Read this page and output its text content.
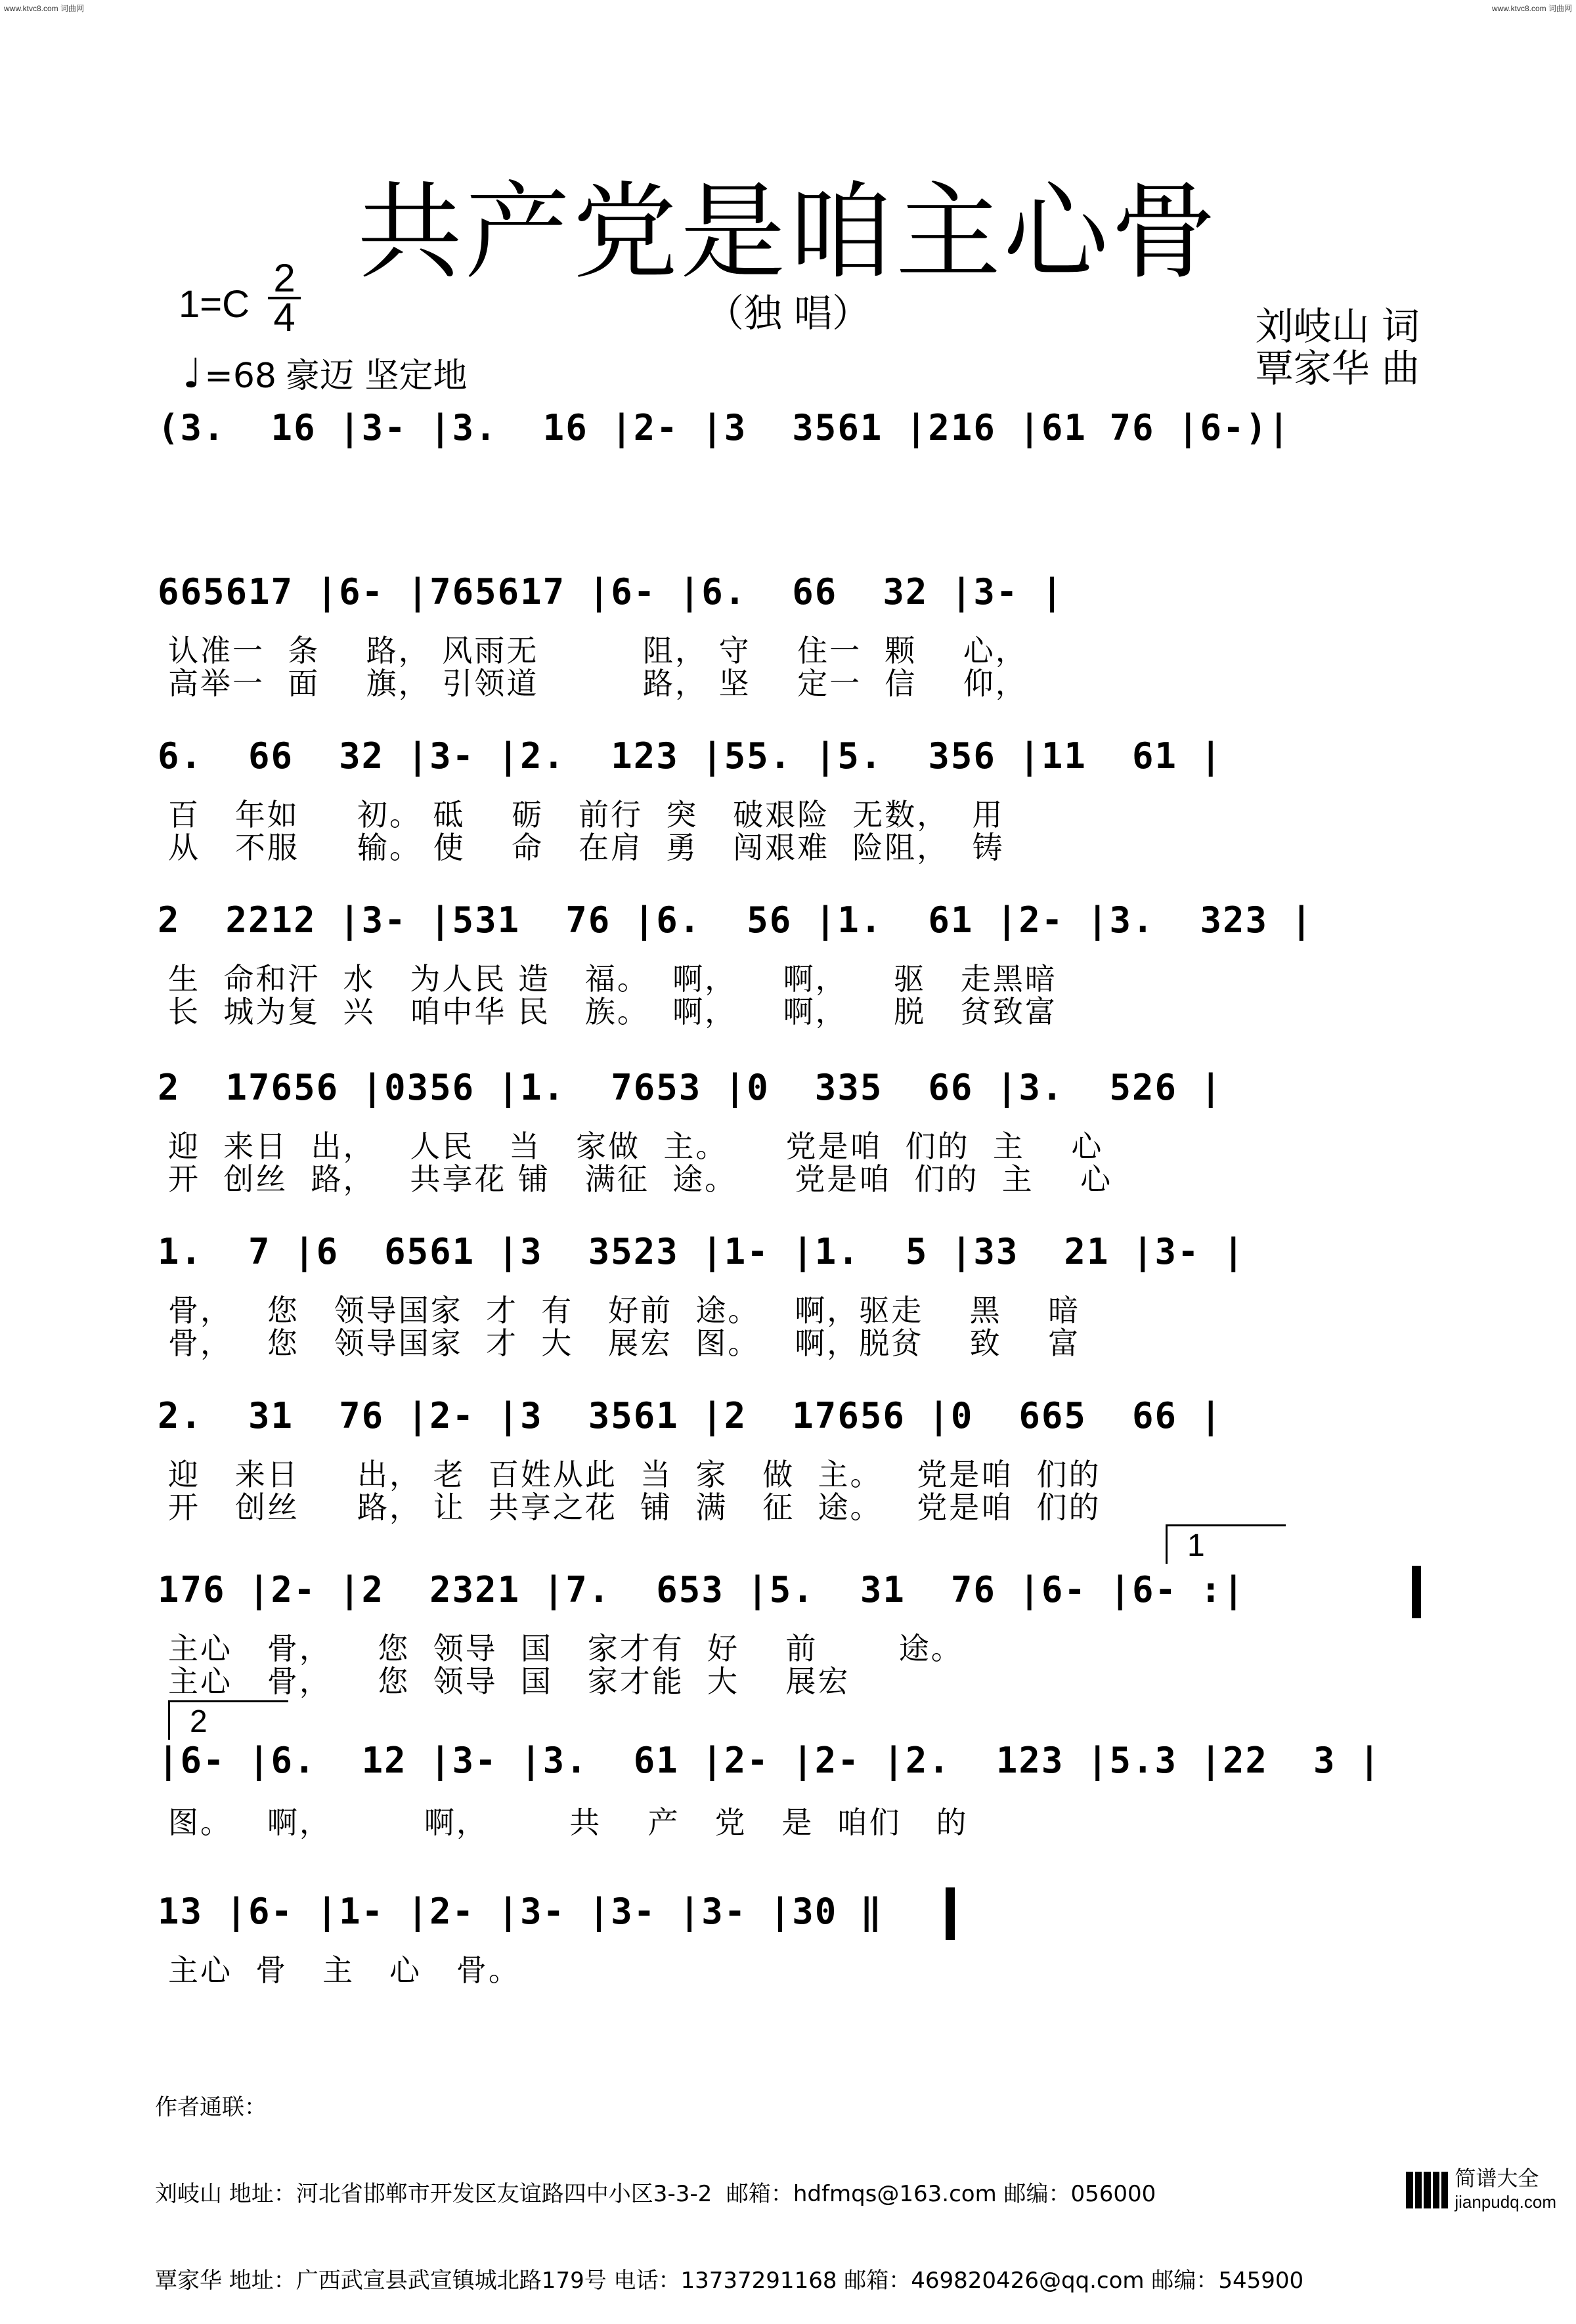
www.ktvc8.com 词曲网	www.ktvc8.com 词曲网
共产党是咱主心骨
（独 唱）
1=C
2
4
♩ =68 豪迈 坚定地
刘岐山 词
覃家华 曲
(3.  16 |3- |3.  16 |2- |3  3561 |216 |61 76 |6-)|
665617 |6- |765617 |6- |6.  66  32 |3- |
认准一  条    路， 风雨无         阻， 守    住一  颗    心，
高举一  面    旗， 引领道         路， 坚    定一  信    仰，
6.  66  32 |3- |2.  123 |55. |5.  356 |11  61 |
百   年如     初。 砥    砺   前行  突   破艰险  无数，  用
从   不服     输。 使    命   在肩  勇   闯艰难  险阻，  铸
2  2212 |3- |531  76 |6.  56 |1.  61 |2- |3.  323 |
生  命和汗  水   为人民 造   福。  啊，    啊，    驱   走黑暗
长  城为复  兴   咱中华 民   族。  啊，    啊，    脱   贫致富
2  17656 |0356 |1.  7653 |0  335  66 |3.  526 |
迎  来日  出，   人民   当   家做  主。     党是咱  们的  主    心
开  创丝  路，   共享花 铺   满征  途。     党是咱  们的  主    心
1.  7 |6  6561 |3  3523 |1- |1.  5 |33  21 |3- |
骨，   您   领导国家  才  有   好前  途。   啊，驱走    黑    暗
骨，   您   领导国家  才  大   展宏  图。   啊，脱贫    致    富
2.  31  76 |2- |3  3561 |2  17656 |0  665  66 |
迎   来日     出， 老  百姓从此  当  家   做  主。   党是咱  们的
开   创丝     路， 让  共享之花  铺  满   征  途。   党是咱  们的
1
176 |2- |2  2321 |7.  653 |5.  31  76 |6- |6- :|
主心   骨，    您  领导  国   家才有  好    前       途。
主心   骨，    您  领导  国   家才能  大    展宏
2
|6- |6.  12 |3- |3.  61 |2- |2- |2.  123 |5.3 |22  3 |
图。   啊，        啊，       共    产   党   是  咱们   的
13 |6- |1- |2- |3- |3- |3- |30 ‖
主心  骨   主   心   骨。

作者通联：

刘岐山 地址：河北省邯郸市开发区友谊路四中小区3-3-2  邮箱：hdfmqs@163.com 邮编：056000

覃家华 地址：广西武宣县武宣镇城北路179号 电话：13737291168 邮箱：469820426@qq.com 邮编：545900

简谱大全
jianpudq.com
